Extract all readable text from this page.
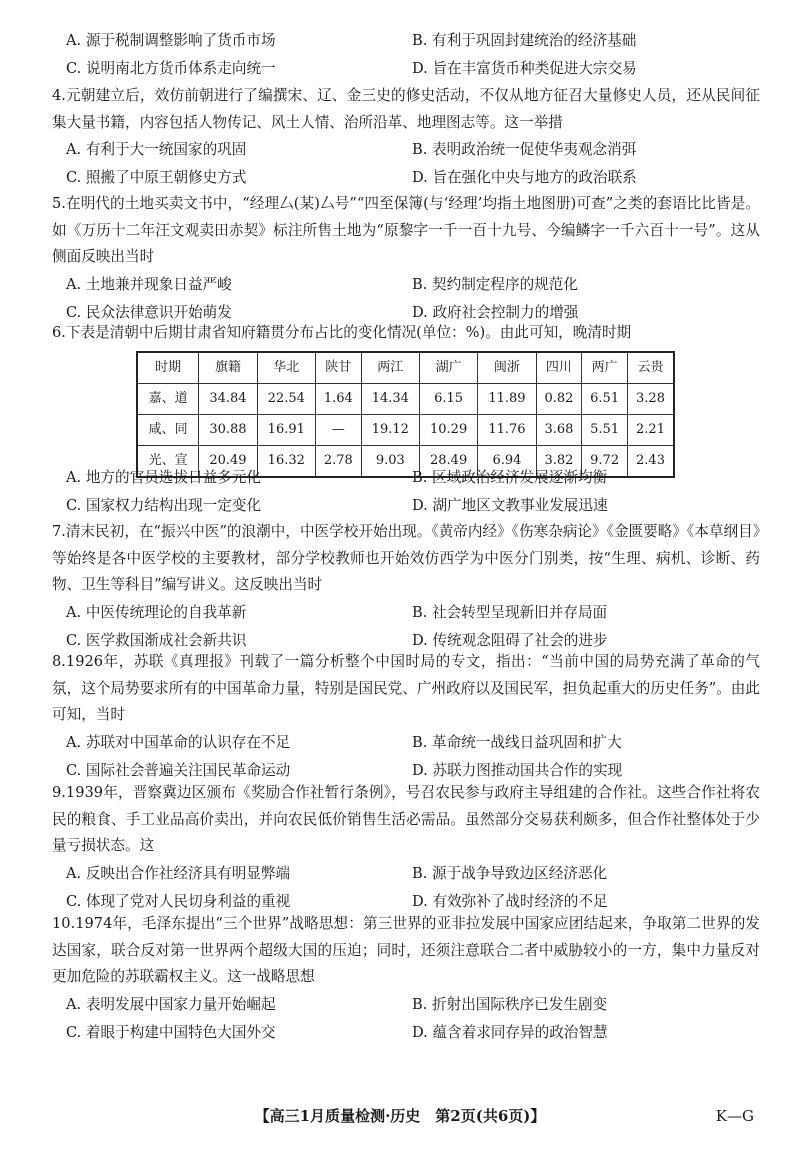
A. 源于税制调整影响了货币市场	B. 有利于巩固封建统治的经济基础
C. 说明南北方货币体系走向统一	D. 旨在丰富货币种类促进大宗交易

4.元朝建立后，效仿前朝进行了编撰宋、辽、金三史的修史活动，不仅从地方征召大量修史人员，还从民间征集大量书籍，内容包括人物传记、风土人情、治所沿革、地理图志等。这一举措

A. 有利于大一统国家的巩固	B. 表明政治统一促使华夷观念消弭
C. 照搬了中原王朝修史方式	D. 旨在强化中央与地方的政治联系

5.在明代的土地买卖文书中，“经理厶(某)厶号”“四至保簿(与‘经理’均指土地图册)可查”之类的套语比比皆是。如《万历十二年汪文观卖田赤契》标注所售土地为“原黎字一千一百十九号、今编鳞字一千六百十一号”。这从侧面反映出当时

A. 土地兼并现象日益严峻	B. 契约制定程序的规范化
C. 民众法律意识开始萌发	D. 政府社会控制力的增强

6.下表是清朝中后期甘肃省知府籍贯分布占比的变化情况(单位：%)。由此可知，晚清时期

时期	旗籍	华北	陕甘	两江	湖广	闽浙	四川	两广	云贵
嘉、道	34.84	22.54	1.64	14.34	6.15	11.89	0.82	6.51	3.28
咸、同	30.88	16.91	—	19.12	10.29	11.76	3.68	5.51	2.21
光、宣	20.49	16.32	2.78	9.03	28.49	6.94	3.82	9.72	2.43
A. 地方的官员选拔日益多元化	B. 区域政治经济发展逐渐均衡
C. 国家权力结构出现一定变化	D. 湖广地区文教事业发展迅速

7.清末民初，在“振兴中医”的浪潮中，中医学校开始出现。《黄帝内经》《伤寒杂病论》《金匮要略》《本草纲目》等始终是各中医学校的主要教材，部分学校教师也开始效仿西学为中医分门别类，按“生理、病机、诊断、药物、卫生等科目”编写讲义。这反映出当时

A. 中医传统理论的自我革新	B. 社会转型呈现新旧并存局面
C. 医学救国渐成社会新共识	D. 传统观念阻碍了社会的进步

8.1926年，苏联《真理报》刊载了一篇分析整个中国时局的专文，指出：“当前中国的局势充满了革命的气氛，这个局势要求所有的中国革命力量，特别是国民党、广州政府以及国民军，担负起重大的历史任务”。由此可知，当时

A. 苏联对中国革命的认识存在不足	B. 革命统一战线日益巩固和扩大
C. 国际社会普遍关注国民革命运动	D. 苏联力图推动国共合作的实现

9.1939年，晋察冀边区颁布《奖励合作社暂行条例》，号召农民参与政府主导组建的合作社。这些合作社将农民的粮食、手工业品高价卖出，并向农民低价销售生活必需品。虽然部分交易获利颇多，但合作社整体处于少量亏损状态。这

A. 反映出合作社经济具有明显弊端	B. 源于战争导致边区经济恶化
C. 体现了党对人民切身利益的重视	D. 有效弥补了战时经济的不足

10.1974年，毛泽东提出“三个世界”战略思想：第三世界的亚非拉发展中国家应团结起来，争取第二世界的发达国家，联合反对第一世界两个超级大国的压迫；同时，还须注意联合二者中威胁较小的一方，集中力量反对更加危险的苏联霸权主义。这一战略思想

A. 表明发展中国家力量开始崛起	B. 折射出国际秩序已发生剧变
C. 着眼于构建中国特色大国外交	D. 蕴含着求同存异的政治智慧
【高三1月质量检测·历史　第2页(共6页)】	K—G
